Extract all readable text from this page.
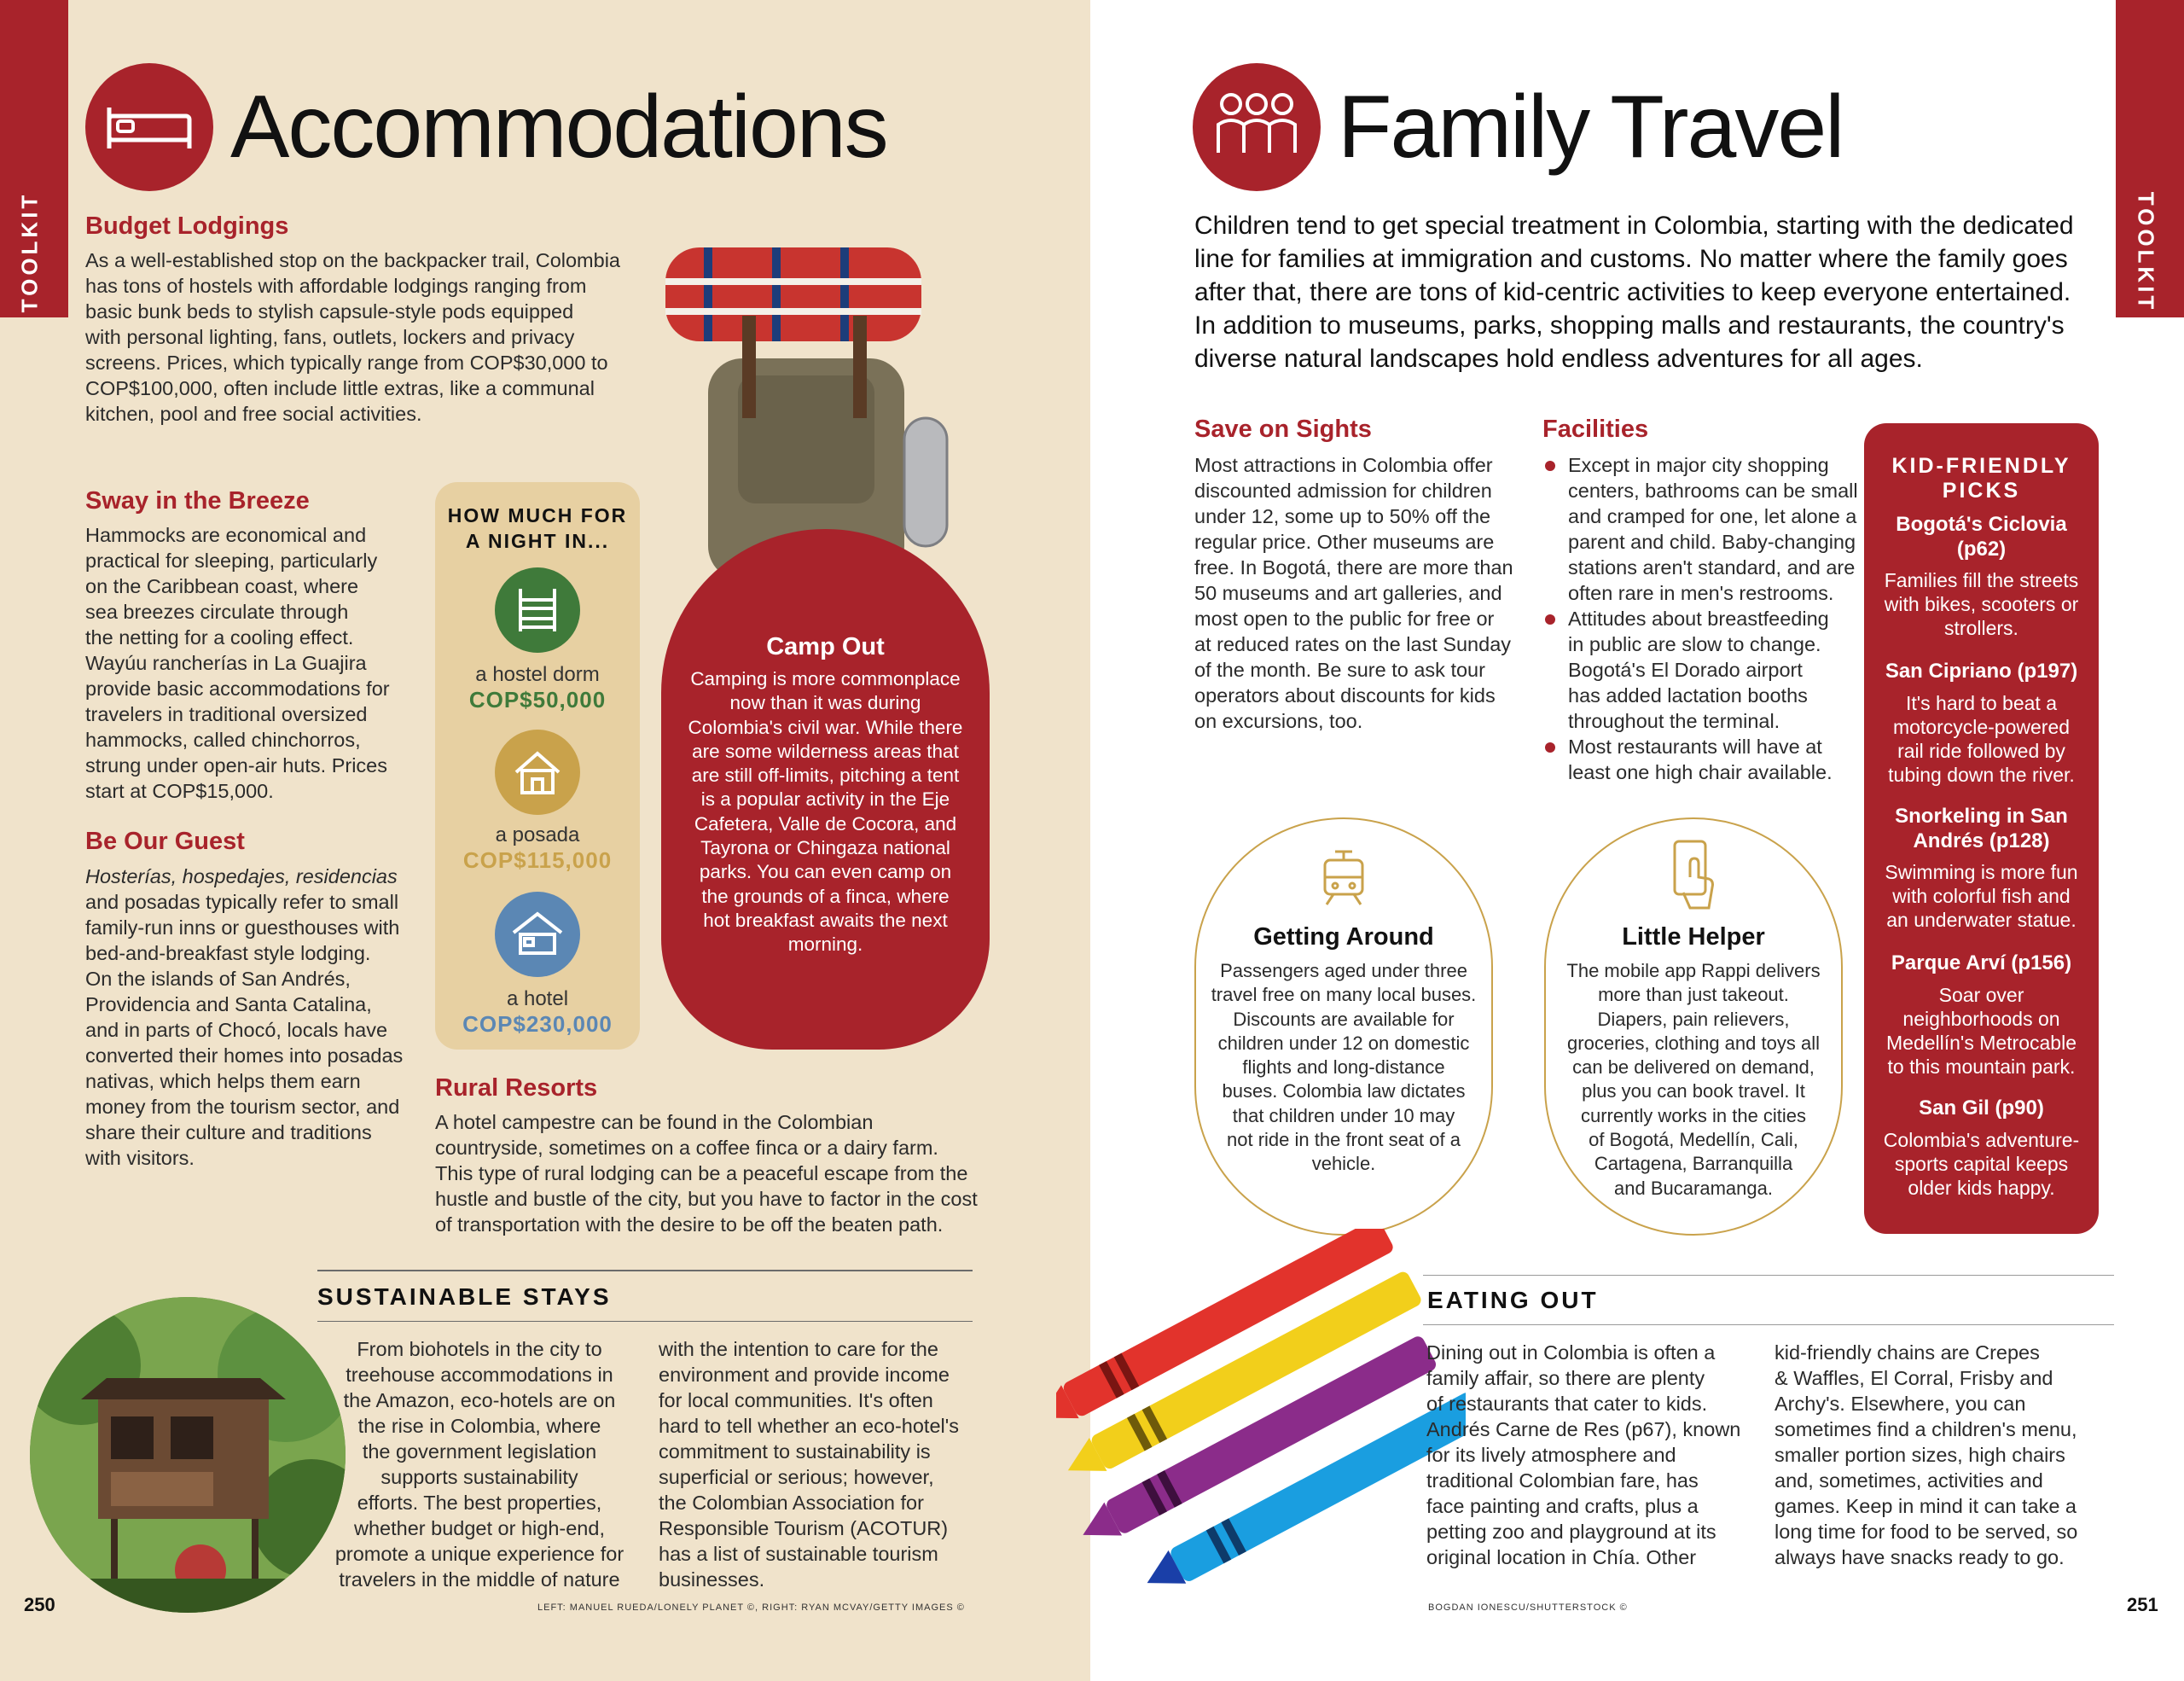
TOOLKIT
Accommodations
Budget Lodgings
As a well-established stop on the backpacker trail, Colombia
has tons of hostels with affordable lodgings ranging from
basic bunk beds to stylish capsule-style pods equipped
with personal lighting, fans, outlets, lockers and privacy
screens. Prices, which typically range from COP$30,000 to
COP$100,000, often include little extras, like a communal
kitchen, pool and free social activities.
Sway in the Breeze
Hammocks are economical and
practical for sleeping, particularly
on the Caribbean coast, where
sea breezes circulate through
the netting for a cooling effect.
Wayúu rancherías in La Guajira
provide basic accommodations for
travelers in traditional oversized
hammocks, called chinchorros,
strung under open-air huts. Prices
start at COP$15,000.
Be Our Guest
Hosterías, hospedajes, residencias
and posadas typically refer to small
family-run inns or guesthouses with
bed-and-breakfast style lodging.
On the islands of San Andrés,
Providencia and Santa Catalina,
and in parts of Chocó, locals have
converted their homes into posadas
nativas, which helps them earn
money from the tourism sector, and
share their culture and traditions
with visitors.
HOW MUCH FOR
A NIGHT IN...
a hostel dorm
COP$50,000
a posada
COP$115,000
a hotel
COP$230,000
Camp Out
Camping is more commonplace
now than it was during
Colombia's civil war. While there
are some wilderness areas that
are still off-limits, pitching a tent
is a popular activity in the Eje
Cafetera, Valle de Cocora, and
Tayrona or Chingaza national
parks. You can even camp on
the grounds of a finca, where
hot breakfast awaits the next
morning.
Rural Resorts
A hotel campestre can be found in the Colombian
countryside, sometimes on a coffee finca or a dairy farm.
This type of rural lodging can be a peaceful escape from the
hustle and bustle of the city, but you have to factor in the cost
of transportation with the desire to be off the beaten path.
SUSTAINABLE STAYS
From biohotels in the city to
treehouse accommodations in
the Amazon, eco-hotels are on
the rise in Colombia, where
the government legislation
supports sustainability
efforts. The best properties,
whether budget or high-end,
promote a unique experience for
travelers in the middle of nature
with the intention to care for the
environment and provide income
for local communities. It's often
hard to tell whether an eco-hotel's
commitment to sustainability is
superficial or serious; however,
the Colombian Association for
Responsible Tourism (ACOTUR)
has a list of sustainable tourism
businesses.
250	LEFT: MANUEL RUEDA/LONELY PLANET ©, RIGHT: RYAN MCVAY/GETTY IMAGES ©
TOOLKIT
Family Travel
Children tend to get special treatment in Colombia, starting with the dedicated
line for families at immigration and customs. No matter where the family goes
after that, there are tons of kid-centric activities to keep everyone entertained.
In addition to museums, parks, shopping malls and restaurants, the country's
diverse natural landscapes hold endless adventures for all ages.
Save on Sights
Most attractions in Colombia offer
discounted admission for children
under 12, some up to 50% off the
regular price. Other museums are
free. In Bogotá, there are more than
50 museums and art galleries, and
most open to the public for free or
at reduced rates on the last Sunday
of the month. Be sure to ask tour
operators about discounts for kids
on excursions, too.
Facilities
Except in major city shopping
centers, bathrooms can be small
and cramped for one, let alone a
parent and child. Baby-changing
stations aren't standard, and are
often rare in men's restrooms.
Attitudes about breastfeeding
in public are slow to change.
Bogotá's El Dorado airport
has added lactation booths
throughout the terminal.
Most restaurants will have at
least one high chair available.
Getting Around
Passengers aged under three
travel free on many local buses.
Discounts are available for
children under 12 on domestic
flights and long-distance
buses. Colombia law dictates
that children under 10 may
not ride in the front seat of a
vehicle.
Little Helper
The mobile app Rappi delivers
more than just takeout.
Diapers, pain relievers,
groceries, clothing and toys all
can be delivered on demand,
plus you can book travel. It
currently works in the cities
of Bogotá, Medellín, Cali,
Cartagena, Barranquilla
and Bucaramanga.
KID-FRIENDLY
PICKS
Bogotá's Ciclovia
(p62)
Families fill the streets
with bikes, scooters or
strollers.
San Cipriano (p197)
It's hard to beat a
motorcycle-powered
rail ride followed by
tubing down the river.
Snorkeling in San
Andrés (p128)
Swimming is more fun
with colorful fish and
an underwater statue.
Parque Arví (p156)
Soar over
neighborhoods on
Medellín's Metrocable
to this mountain park.
San Gil (p90)
Colombia's adventure-
sports capital keeps
older kids happy.
EATING OUT
Dining out in Colombia is often a
family affair, so there are plenty
of restaurants that cater to kids.
Andrés Carne de Res (p67), known
for its lively atmosphere and
traditional Colombian fare, has
face painting and crafts, plus a
petting zoo and playground at its
original location in Chía. Other
kid-friendly chains are Crepes
& Waffles, El Corral, Frisby and
Archy's. Elsewhere, you can
sometimes find a children's menu,
smaller portion sizes, high chairs
and, sometimes, activities and
games. Keep in mind it can take a
long time for food to be served, so
always have snacks ready to go.
BOGDAN IONESCU/SHUTTERSTOCK ©	251
